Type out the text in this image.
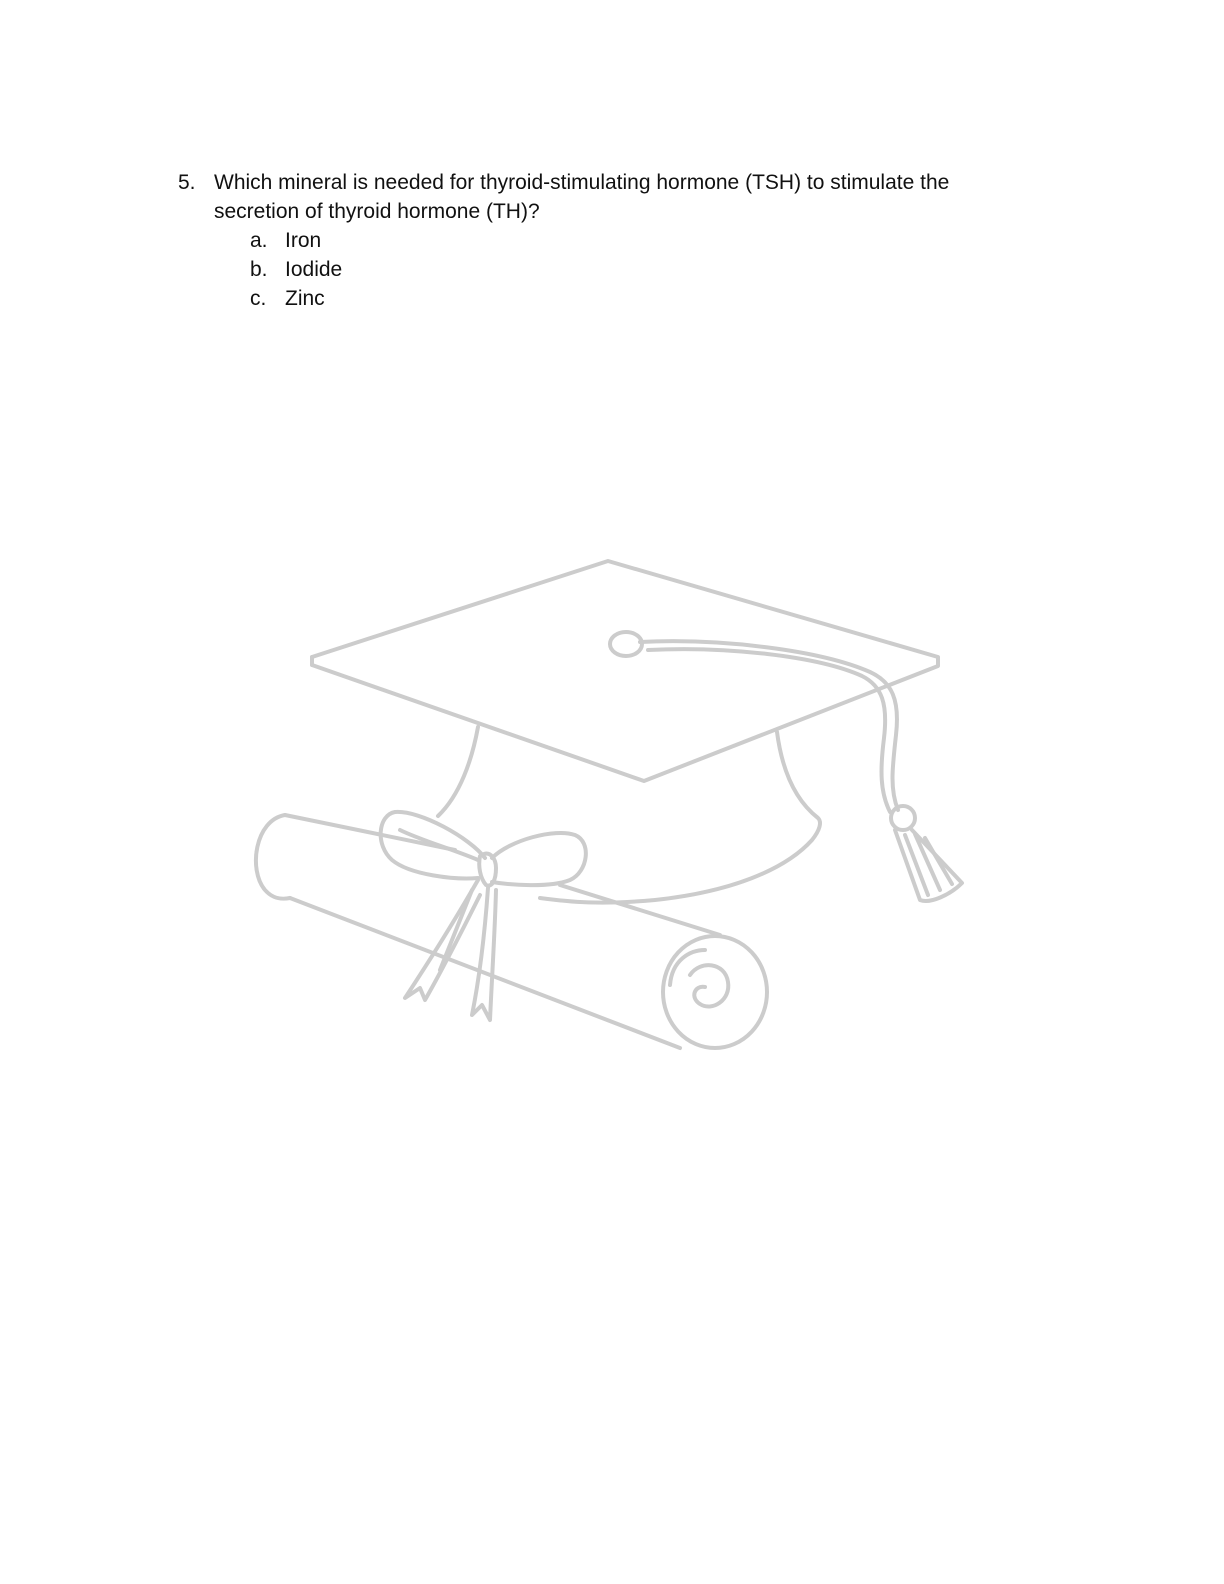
5. Which mineral is needed for thyroid-stimulating hormone (TSH) to stimulate the secretion of thyroid hormone (TH)?
a. Iron
b. Iodide
c. Zinc
